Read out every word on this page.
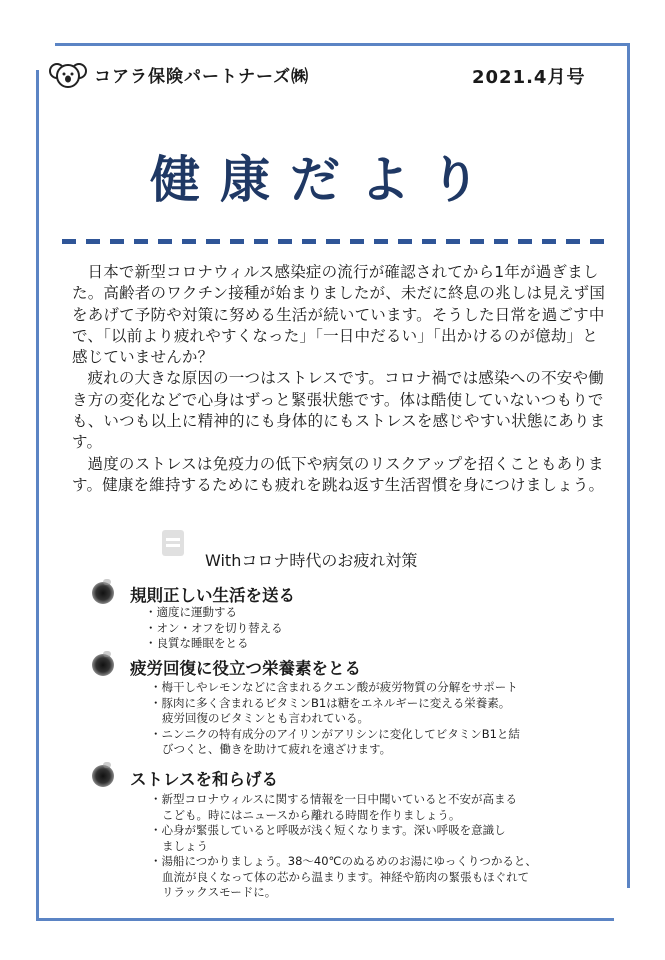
コアラ保険パートナーズ㈱	2021.4月号
健康だより

日本で新型コロナウィルス感染症の流行が確認されてから1年が過ぎました。高齢者のワクチン接種が始まりましたが、未だに終息の兆しは見えず国をあげて予防や対策に努める生活が続いています。そうした日常を過ごす中で、「以前より疲れやすくなった」「一日中だるい」「出かけるのが億劫」と感じていませんか？

疲れの大きな原因の一つはストレスです。コロナ禍では感染への不安や働き方の変化などで心身はずっと緊張状態です。体は酷使していないつもりでも、いつも以上に精神的にも身体的にもストレスを感じやすい状態にあります。

過度のストレスは免疫力の低下や病気のリスクアップを招くこともあります。健康を維持するためにも疲れを跳ね返す生活習慣を身につけましょう。

Withコロナ時代のお疲れ対策
規則正しい生活を送る
・適度に運動する
・オン・オフを切り替える
・良質な睡眠をとる
疲労回復に役立つ栄養素をとる
・梅干しやレモンなどに含まれるクエン酸が疲労物質の分解をサポート
・豚肉に多く含まれるビタミンB1は糖をエネルギーに変える栄養素。
疲労回復のビタミンとも言われている。
・ニンニクの特有成分のアイリンがアリシンに変化してビタミンB1と結
びつくと、働きを助けて疲れを遠ざけます。
ストレスを和らげる
・新型コロナウィルスに関する情報を一日中聞いていると不安が高まる
こども。時にはニュースから離れる時間を作りましょう。
・心身が緊張していると呼吸が浅く短くなります。深い呼吸を意識し
ましょう
・湯船につかりましょう。38〜40℃のぬるめのお湯にゆっくりつかると、
血流が良くなって体の芯から温まります。神経や筋肉の緊張もほぐれて
リラックスモードに。
